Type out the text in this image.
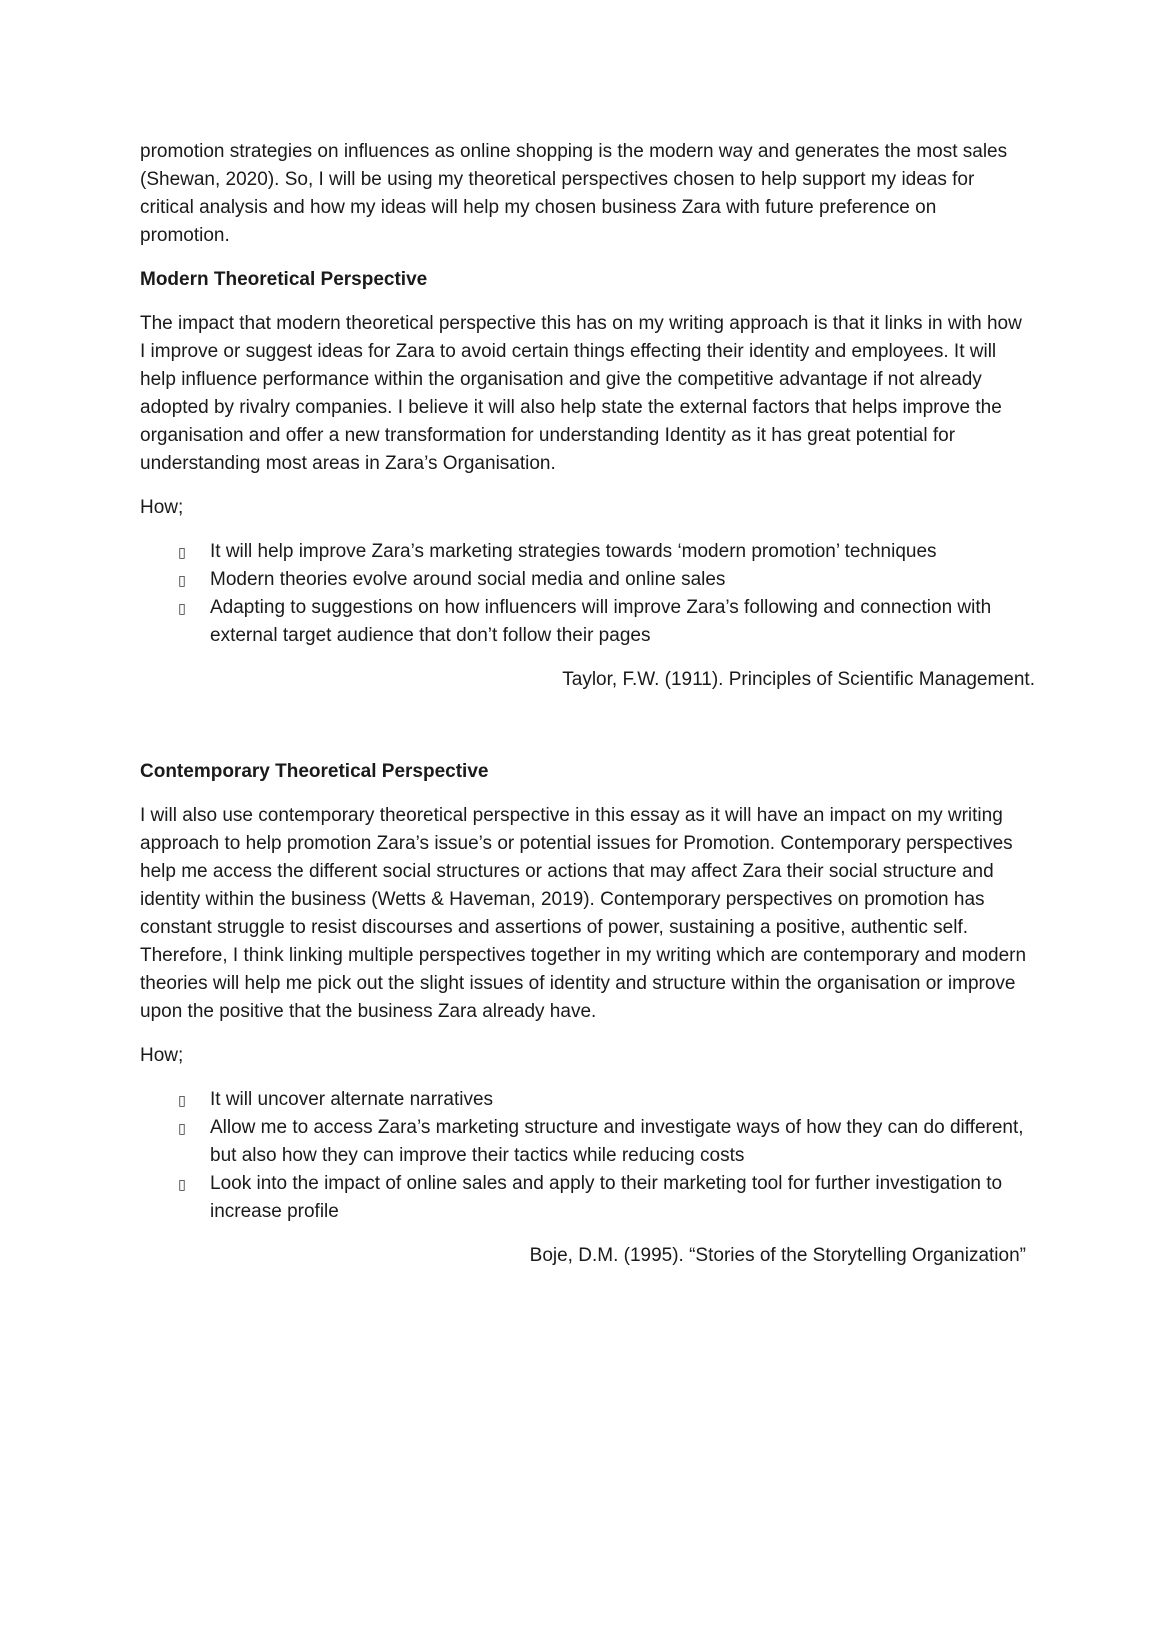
promotion strategies on influences as online shopping is the modern way and generates the most sales (Shewan, 2020). So, I will be using my theoretical perspectives chosen to help support my ideas for critical analysis and how my ideas will help my chosen business Zara with future preference on promotion.

Modern Theoretical Perspective

The impact that modern theoretical perspective this has on my writing approach is that it links in with how I improve or suggest ideas for Zara to avoid certain things effecting their identity and employees. It will help influence performance within the organisation and give the competitive advantage if not already adopted by rivalry companies. I believe it will also help state the external factors that helps improve the organisation and offer a new transformation for understanding Identity as it has great potential for understanding most areas in Zara’s Organisation.

How;

▯ It will help improve Zara’s marketing strategies towards ‘modern promotion’ techniques
▯ Modern theories evolve around social media and online sales
▯ Adapting to suggestions on how influencers will improve Zara’s following and connection with external target audience that don’t follow their pages

Taylor, F.W. (1911). Principles of Scientific Management.

Contemporary Theoretical Perspective

I will also use contemporary theoretical perspective in this essay as it will have an impact on my writing approach to help promotion Zara’s issue’s or potential issues for Promotion. Contemporary perspectives help me access the different social structures or actions that may affect Zara their social structure and identity within the business (Wetts & Haveman, 2019). Contemporary perspectives on promotion has constant struggle to resist discourses and assertions of power, sustaining a positive, authentic self. Therefore, I think linking multiple perspectives together in my writing which are contemporary and modern theories will help me pick out the slight issues of identity and structure within the organisation or improve upon the positive that the business Zara already have.

How;

▯ It will uncover alternate narratives
▯ Allow me to access Zara’s marketing structure and investigate ways of how they can do different, but also how they can improve their tactics while reducing costs
▯ Look into the impact of online sales and apply to their marketing tool for further investigation to increase profile

Boje, D.M. (1995). “Stories of the Storytelling Organization”
